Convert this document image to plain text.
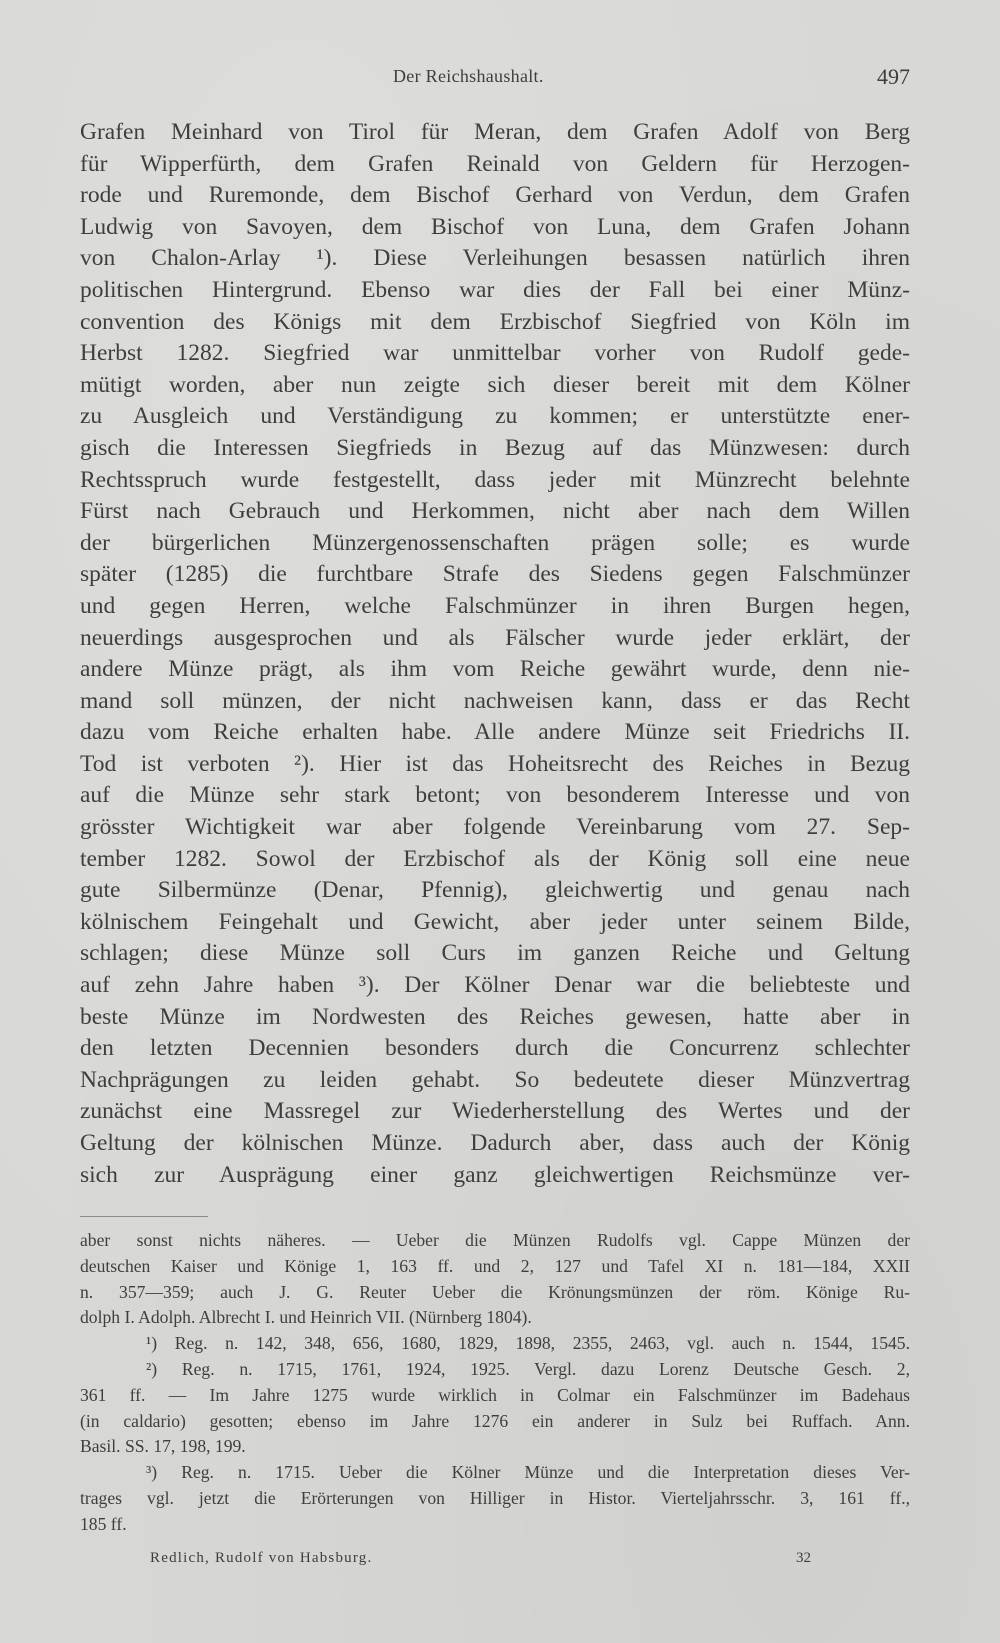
Der Reichshaushalt.	497
Grafen Meinhard von Tirol für Meran, dem Grafen Adolf von Berg
für Wipperfürth, dem Grafen Reinald von Geldern für Herzogen-
rode und Ruremonde, dem Bischof Gerhard von Verdun, dem Grafen
Ludwig von Savoyen, dem Bischof von Luna, dem Grafen Johann
von Chalon-Arlay ¹). Diese Verleihungen besassen natürlich ihren
politischen Hintergrund. Ebenso war dies der Fall bei einer Münz-
convention des Königs mit dem Erzbischof Siegfried von Köln im
Herbst 1282. Siegfried war unmittelbar vorher von Rudolf gede-
mütigt worden, aber nun zeigte sich dieser bereit mit dem Kölner
zu Ausgleich und Verständigung zu kommen; er unterstützte ener-
gisch die Interessen Siegfrieds in Bezug auf das Münzwesen: durch
Rechtsspruch wurde festgestellt, dass jeder mit Münzrecht belehnte
Fürst nach Gebrauch und Herkommen, nicht aber nach dem Willen
der bürgerlichen Münzergenossenschaften prägen solle; es wurde
später (1285) die furchtbare Strafe des Siedens gegen Falschmünzer
und gegen Herren, welche Falschmünzer in ihren Burgen hegen,
neuerdings ausgesprochen und als Fälscher wurde jeder erklärt, der
andere Münze prägt, als ihm vom Reiche gewährt wurde, denn nie-
mand soll münzen, der nicht nachweisen kann, dass er das Recht
dazu vom Reiche erhalten habe. Alle andere Münze seit Friedrichs II.
Tod ist verboten ²). Hier ist das Hoheitsrecht des Reiches in Bezug
auf die Münze sehr stark betont; von besonderem Interesse und von
grösster Wichtigkeit war aber folgende Vereinbarung vom 27. Sep-
tember 1282. Sowol der Erzbischof als der König soll eine neue
gute Silbermünze (Denar, Pfennig), gleichwertig und genau nach
kölnischem Feingehalt und Gewicht, aber jeder unter seinem Bilde,
schlagen; diese Münze soll Curs im ganzen Reiche und Geltung
auf zehn Jahre haben ³). Der Kölner Denar war die beliebteste und
beste Münze im Nordwesten des Reiches gewesen, hatte aber in
den letzten Decennien besonders durch die Concurrenz schlechter
Nachprägungen zu leiden gehabt. So bedeutete dieser Münzvertrag
zunächst eine Massregel zur Wiederherstellung des Wertes und der
Geltung der kölnischen Münze. Dadurch aber, dass auch der König
sich zur Ausprägung einer ganz gleichwertigen Reichsmünze ver-
aber sonst nichts näheres. — Ueber die Münzen Rudolfs vgl. Cappe Münzen der
deutschen Kaiser und Könige 1, 163 ff. und 2, 127 und Tafel XI n. 181—184, XXII
n. 357—359; auch J. G. Reuter Ueber die Krönungsmünzen der röm. Könige Ru-
dolph I. Adolph. Albrecht I. und Heinrich VII. (Nürnberg 1804).
¹) Reg. n. 142, 348, 656, 1680, 1829, 1898, 2355, 2463, vgl. auch n. 1544, 1545.
²) Reg. n. 1715, 1761, 1924, 1925. Vergl. dazu Lorenz Deutsche Gesch. 2,
361 ff. — Im Jahre 1275 wurde wirklich in Colmar ein Falschmünzer im Badehaus
(in caldario) gesotten; ebenso im Jahre 1276 ein anderer in Sulz bei Ruffach. Ann.
Basil. SS. 17, 198, 199.
³) Reg. n. 1715. Ueber die Kölner Münze und die Interpretation dieses Ver-
trages vgl. jetzt die Erörterungen von Hilliger in Histor. Vierteljahrsschr. 3, 161 ff.,
185 ff.
Redlich, Rudolf von Habsburg.	32
